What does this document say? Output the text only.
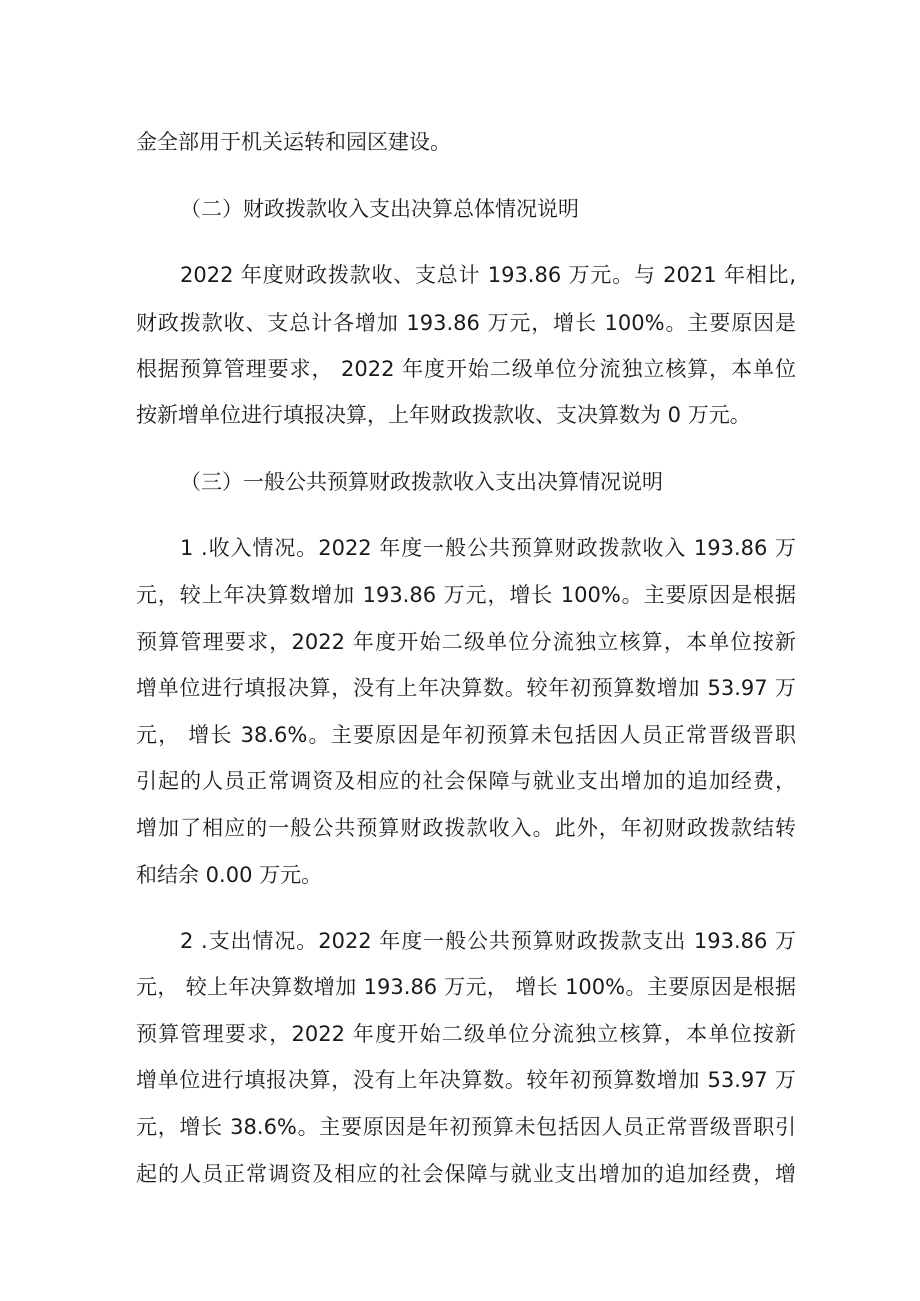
金全部用于机关运转和园区建设。
（二）财政拨款收入支出决算总体情况说明
2022 年度财政拨款收、支总计 193.86 万元。与 2021 年相比,
财政拨款收、支总计各增加 193.86 万元，增长 100%。主要原因是
根据预算管理要求， 2022 年度开始二级单位分流独立核算，本单位
按新增单位进行填报决算，上年财政拨款收、支决算数为 0 万元。
（三）一般公共预算财政拨款收入支出决算情况说明
1 .收入情况。2022 年度一般公共预算财政拨款收入 193.86 万
元，较上年决算数增加 193.86 万元，增长 100%。主要原因是根据
预算管理要求，2022 年度开始二级单位分流独立核算，本单位按新
增单位进行填报决算，没有上年决算数。较年初预算数增加 53.97 万
元， 增长 38.6%。主要原因是年初预算未包括因人员正常晋级晋职
引起的人员正常调资及相应的社会保障与就业支出增加的追加经费，
增加了相应的一般公共预算财政拨款收入。此外，年初财政拨款结转
和结余 0.00 万元。
2 .支出情况。2022 年度一般公共预算财政拨款支出 193.86 万
元， 较上年决算数增加 193.86 万元， 增长 100%。主要原因是根据
预算管理要求，2022 年度开始二级单位分流独立核算，本单位按新
增单位进行填报决算，没有上年决算数。较年初预算数增加 53.97 万
元，增长 38.6%。主要原因是年初预算未包括因人员正常晋级晋职引
起的人员正常调资及相应的社会保障与就业支出增加的追加经费，增
